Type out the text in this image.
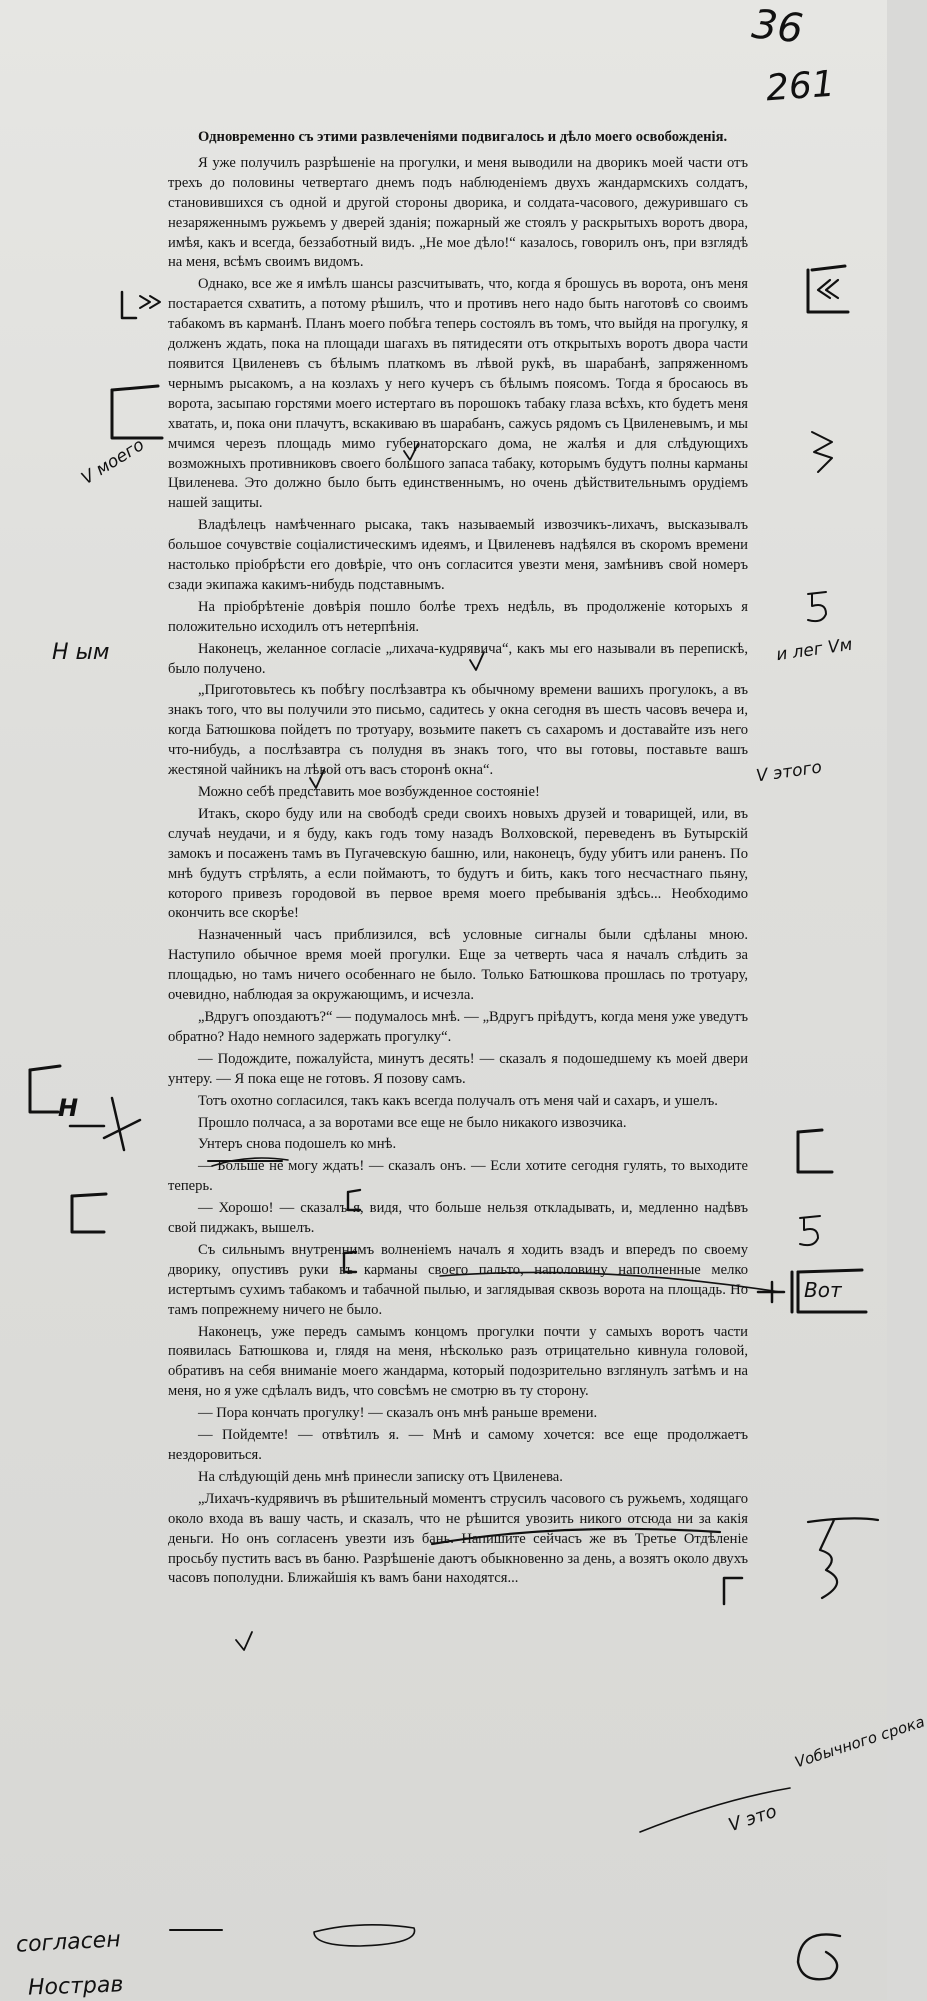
36
261

Одновременно съ этими развлеченіями подвигалось и дѣло моего освобожденія.

Я уже получилъ разрѣшеніе на прогулки, и меня выводили на дворикъ моей части отъ трехъ до половины четвертаго днемъ подъ наблюденіемъ двухъ жандармскихъ солдатъ, становившихся съ одной и другой стороны дворика, и солдата-часового, дежурившаго съ незаряженнымъ ружьемъ у дверей зданія; пожарный же стоялъ у раскрытыхъ воротъ двора, имѣя, какъ и всегда, беззаботный видъ. „Не мое дѣло!“ казалось, говорилъ онъ, при взглядѣ на меня, всѣмъ своимъ видомъ.

Однако, все же я имѣлъ шансы разсчитывать, что, когда я брошусь въ ворота, онъ меня постарается схватить, а потому рѣшилъ, что и противъ него надо быть наготовѣ со своимъ табакомъ въ карманѣ. Планъ моего побѣга теперь состоялъ въ томъ, что выйдя на прогулку, я долженъ ждать, пока на площади шагахъ въ пятидесяти отъ открытыхъ воротъ двора части появится Цвиленевъ съ бѣлымъ платкомъ въ лѣвой рукѣ, въ шарабанѣ, запряженномъ чернымъ рысакомъ, а на козлахъ у него кучеръ съ бѣлымъ поясомъ. Тогда я бросаюсь въ ворота, засыпаю горстями моего истертаго въ порошокъ табаку глаза всѣхъ, кто будетъ меня хватать, и, пока они плачутъ, вскакиваю въ шарабанъ, сажусь рядомъ съ Цвиленевымъ, и мы мчимся черезъ площадь мимо губернаторскаго дома, не жалѣя и для слѣдующихъ возможныхъ противниковъ своего большого запаса табаку, которымъ будутъ полны карманы Цвиленева. Это должно было быть единственнымъ, но очень дѣйствительнымъ орудіемъ нашей защиты.

Владѣлецъ намѣченнаго рысака, такъ называемый извозчикъ-лихачъ, высказывалъ большое сочувствіе соціалистическимъ идеямъ, и Цвиленевъ надѣялся въ скоромъ времени настолько пріобрѣсти его довѣріе, что онъ согласится увезти меня, замѣнивъ свой номеръ сзади экипажа какимъ-нибудь подставнымъ.

На пріобрѣтеніе довѣрія пошло болѣе трехъ недѣль, въ продолженіе которыхъ я положительно исходилъ отъ нетерпѣнія.

Наконецъ, желанное согласіе „лихача-кудрявича“, какъ мы его называли въ перепискѣ, было получено.

„Приготовьтесь къ побѣгу послѣзавтра къ обычному времени вашихъ прогулокъ, а въ знакъ того, что вы получили это письмо, садитесь у окна сегодня въ шесть часовъ вечера и, когда Батюшкова пойдетъ по тротуару, возьмите пакетъ съ сахаромъ и доставайте изъ него что-нибудь, а послѣзавтра съ полудня въ знакъ того, что вы готовы, поставьте вашъ жестяной чайникъ на лѣвой отъ васъ сторонѣ окна“.

Можно себѣ представить мое возбужденное состояніе!

Итакъ, скоро буду или на свободѣ среди своихъ новыхъ друзей и товарищей, или, въ случаѣ неудачи, и я буду, какъ годъ тому назадъ Волховской, переведенъ въ Бутырскій замокъ и посаженъ тамъ въ Пугачевскую башню, или, наконецъ, буду убитъ или раненъ. По мнѣ будутъ стрѣлять, а если поймаютъ, то будутъ и бить, какъ того несчастнаго пьяну, которого привезъ городовой въ первое время моего пребыванія здѣсь... Необходимо окончить все скорѣе!

Назначенный часъ приблизился, всѣ условные сигналы были сдѣланы мною. Наступило обычное время моей прогулки. Еще за четверть часа я началъ слѣдить за площадью, но тамъ ничего особеннаго не было. Только Батюшкова прошлась по тротуару, очевидно, наблюдая за окружающимъ, и исчезла.

„Вдругъ опоздаютъ?“ — подумалось мнѣ. — „Вдругъ пріѣдутъ, когда меня уже уведутъ обратно? Надо немного задержать прогулку“.

— Подождите, пожалуйста, минутъ десять! — сказалъ я подошедшему къ моей двери унтеру. — Я пока еще не готовъ. Я позову самъ.

Тотъ охотно согласился, такъ какъ всегда получалъ отъ меня чай и сахаръ, и ушелъ.

Прошло полчаса, а за воротами все еще не было никакого извозчика.

Унтеръ снова подошелъ ко мнѣ.

— Больше не могу ждать! — сказалъ онъ. — Если хотите сегодня гулять, то выходите теперь.

— Хорошо! — сказалъ я, видя, что больше нельзя откладывать, и, медленно надѣвъ свой пиджакъ, вышелъ.

Съ сильнымъ внутреннимъ волненіемъ началъ я ходить взадъ и впередъ по своему дворику, опустивъ руки въ карманы своего пальто, наполовину наполненные мелко истертымъ сухимъ табакомъ и табачной пылью, и заглядывая сквозь ворота на площадь. Но тамъ попрежнему ничего не было.

Наконецъ, уже передъ самымъ концомъ прогулки почти у самыхъ воротъ части появилась Батюшкова и, глядя на меня, нѣсколько разъ отрицательно кивнула головой, обративъ на себя вниманіе моего жандарма, который подозрительно взглянулъ затѣмъ и на меня, но я уже сдѣлалъ видъ, что совсѣмъ не смотрю въ ту сторону.

— Пора кончать прогулку! — сказалъ онъ мнѣ раньше времени.

— Пойдемте! — отвѣтилъ я. — Мнѣ и самому хочется: все еще продолжаетъ нездоровиться.

На слѣдующій день мнѣ принесли записку отъ Цвиленева.

„Лихачъ-кудрявичъ въ рѣшительный моментъ струсилъ часового съ ружьемъ, ходящаго около входа въ вашу часть, и сказалъ, что не рѣшится увозить никого отсюда ни за какія деньги. Но онъ согласенъ увезти изъ бань. Напишите сейчасъ же въ Третье Отдѣленіе просьбу пустить васъ въ баню. Разрѣшеніе даютъ обыкновенно за день, а возятъ около двухъ часовъ пополудни. Ближайшія къ вамъ бани находятся...

V моего
Н ым
Н
согласен
Нострав
и лег Vм
V этого
Вот
Vобычного срока
V это
